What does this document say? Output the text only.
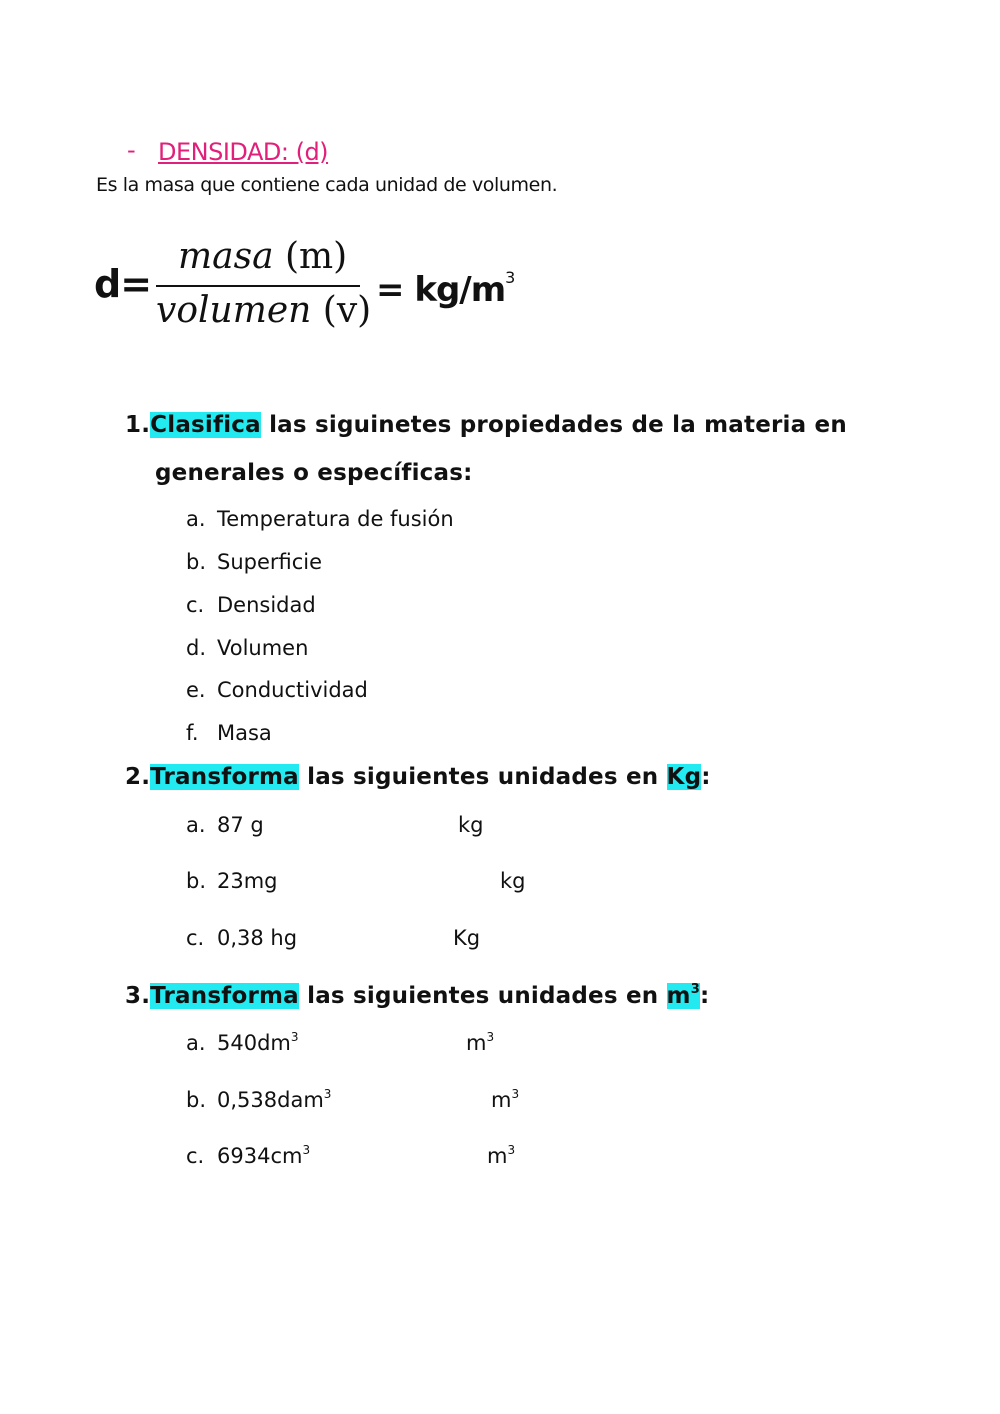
- DENSIDAD: (d)
Es la masa que contiene cada unidad de volumen.
d=
masa (m)
volumen $(v) = kg/m^3$
1.Clasifica las siguinetes propiedades de la materia en
generales o específicas:
a. Temperatura de fusión
b. Superficie
c. Densidad
d. Volumen
e. Conductividad
f. Masa
2.Transforma las siguientes unidades en Kg:
a. 87 g	kg
b. 23mg	kg
c. 0,38 hg	Kg
3.Transforma las siguientes unidades en $m^3$:
a. $540dm^3$	$m^3$
b. 0,538dam$^3$	$m^3$
c. $6934cm^3$	$m^3$
